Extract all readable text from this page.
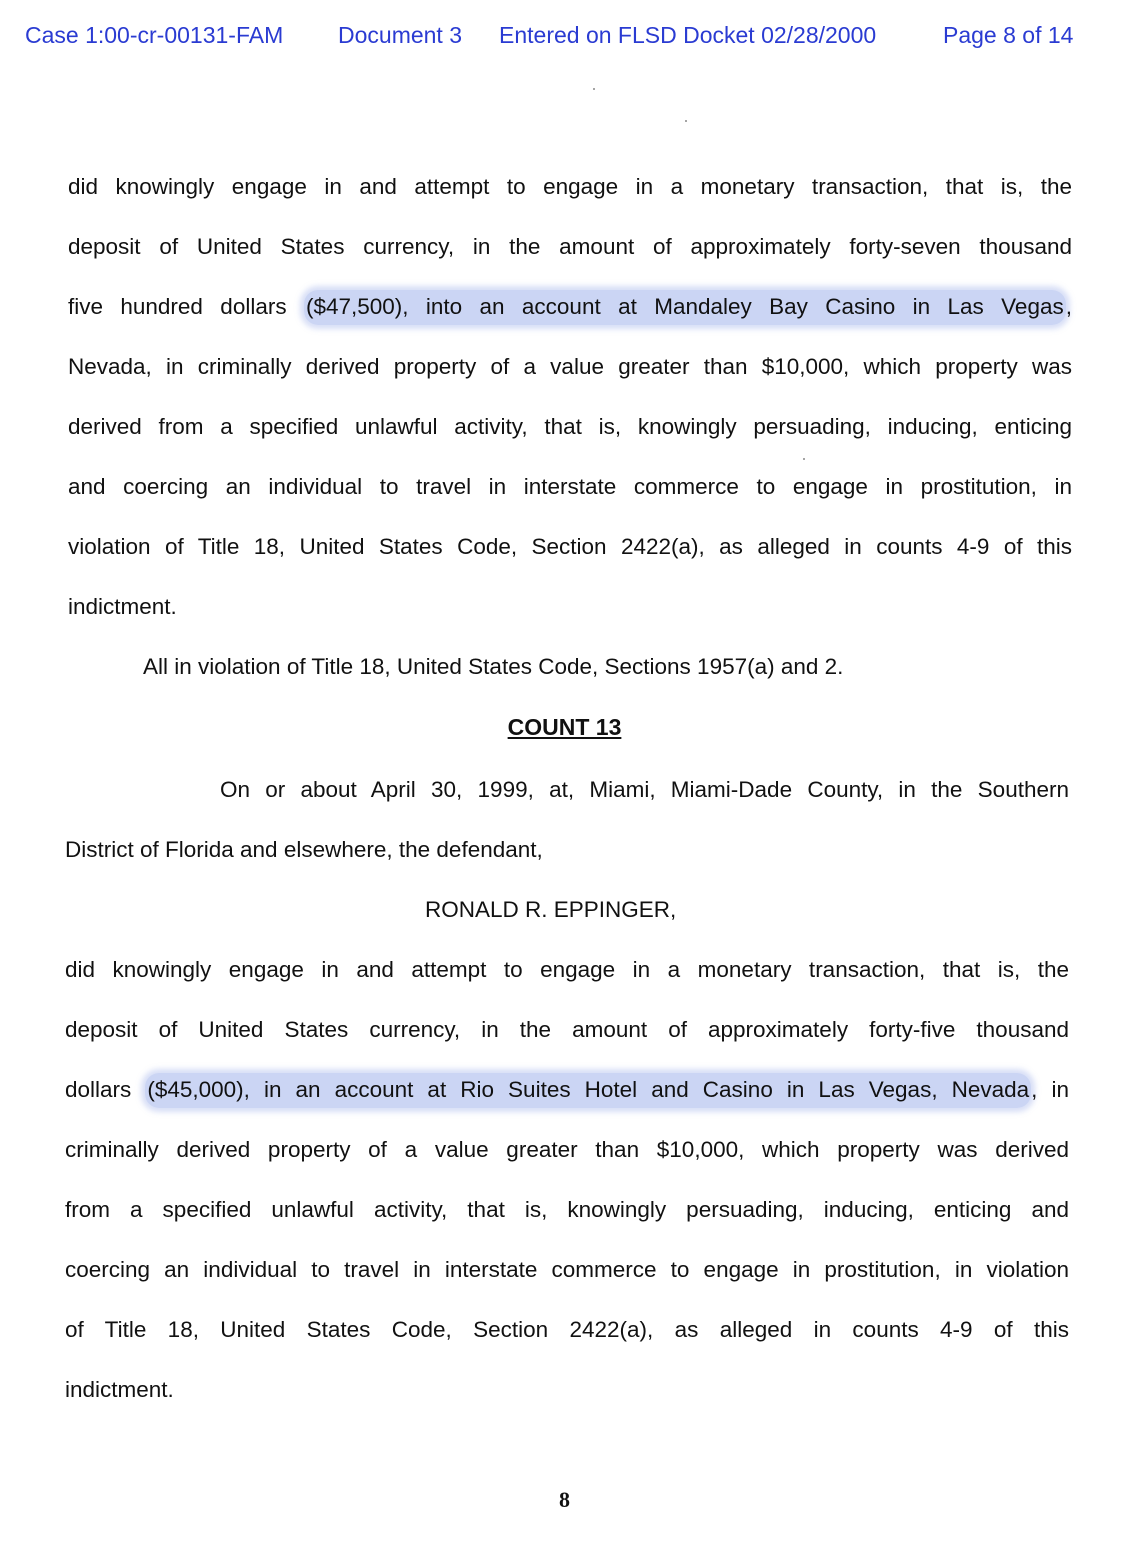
Case 1:00-cr-00131-FAM Document 3 Entered on FLSD Docket 02/28/2000	Page 8 of 14
did knowingly engage in and attempt to engage in a monetary transaction, that is, the
deposit of United States currency, in the amount of approximately forty-seven thousand
five hundred dollars ($47,500), into an account at Mandaley Bay Casino in Las Vegas,
Nevada, in criminally derived property of a value greater than $10,000, which property was
derived from a specified unlawful activity, that is, knowingly persuading, inducing, enticing
and coercing an individual to travel in interstate commerce to engage in prostitution, in
violation of Title 18, United States Code, Section 2422(a), as alleged in counts 4-9 of this
indictment.
All in violation of Title 18, United States Code, Sections 1957(a) and 2.
COUNT 13
On or about April 30, 1999, at, Miami, Miami-Dade County, in the Southern
District of Florida and elsewhere, the defendant,
RONALD R. EPPINGER,
did knowingly engage in and attempt to engage in a monetary transaction, that is, the
deposit of United States currency, in the amount of approximately forty-five thousand
dollars ($45,000), in an account at Rio Suites Hotel and Casino in Las Vegas, Nevada, in
criminally derived property of a value greater than $10,000, which property was derived
from a specified unlawful activity, that is, knowingly persuading, inducing, enticing and
coercing an individual to travel in interstate commerce to engage in prostitution, in violation
of Title 18, United States Code, Section 2422(a), as alleged in counts 4-9 of this
indictment.
8
